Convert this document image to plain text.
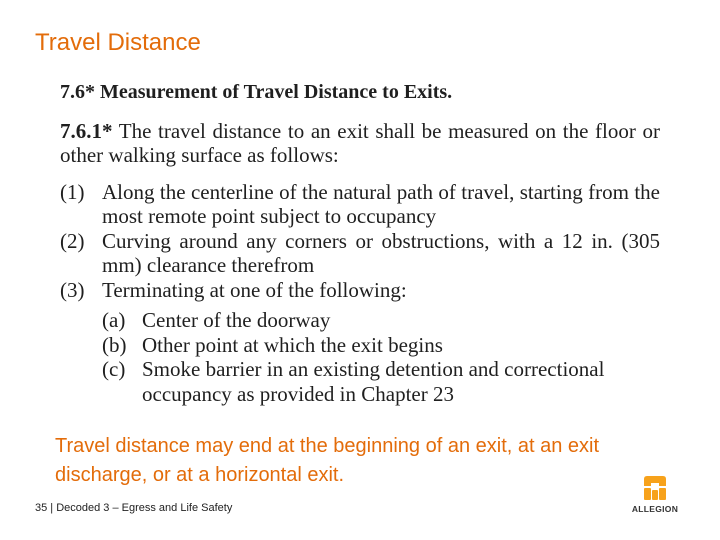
Travel Distance

7.6* Measurement of Travel Distance to Exits.

7.6.1* The travel distance to an exit shall be measured on the floor or other walking surface as follows:

(1) Along the centerline of the natural path of travel, starting from the most remote point subject to occupancy
(2) Curving around any corners or obstructions, with a 12 in. (305 mm) clearance therefrom
(3) Terminating at one of the following:
(a) Center of the doorway
(b) Other point at which the exit begins
(c) Smoke barrier in an existing detention and correctional occupancy as provided in Chapter 23
Travel distance may end at the beginning of an exit, at an exit discharge, or at a horizontal exit.
35 | Decoded 3 – Egress and Life Safety	ALLEGION
